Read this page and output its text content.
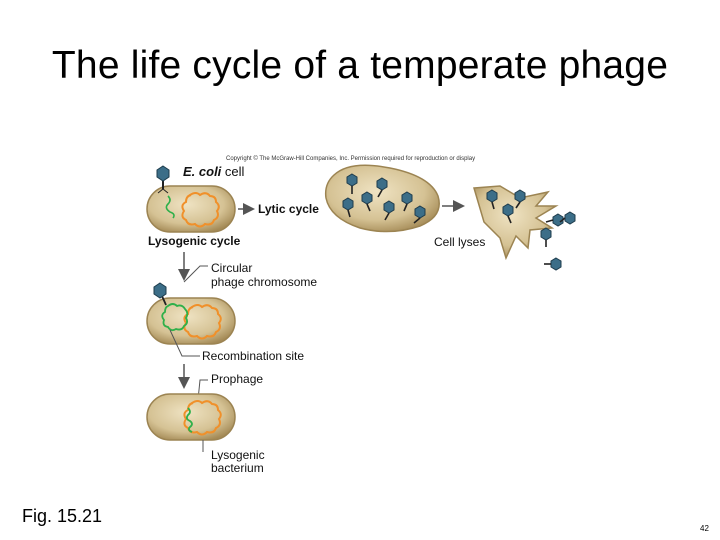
The life cycle of a temperate phage
Copyright © The McGraw-Hill Companies, Inc. Permission required for reproduction or display
E. coli cell
Lytic cycle
Cell lyses
Lysogenic cycle
Circular
phage chromosome
Recombination site
Prophage
Lysogenic
bacterium
Fig. 15.21
42
